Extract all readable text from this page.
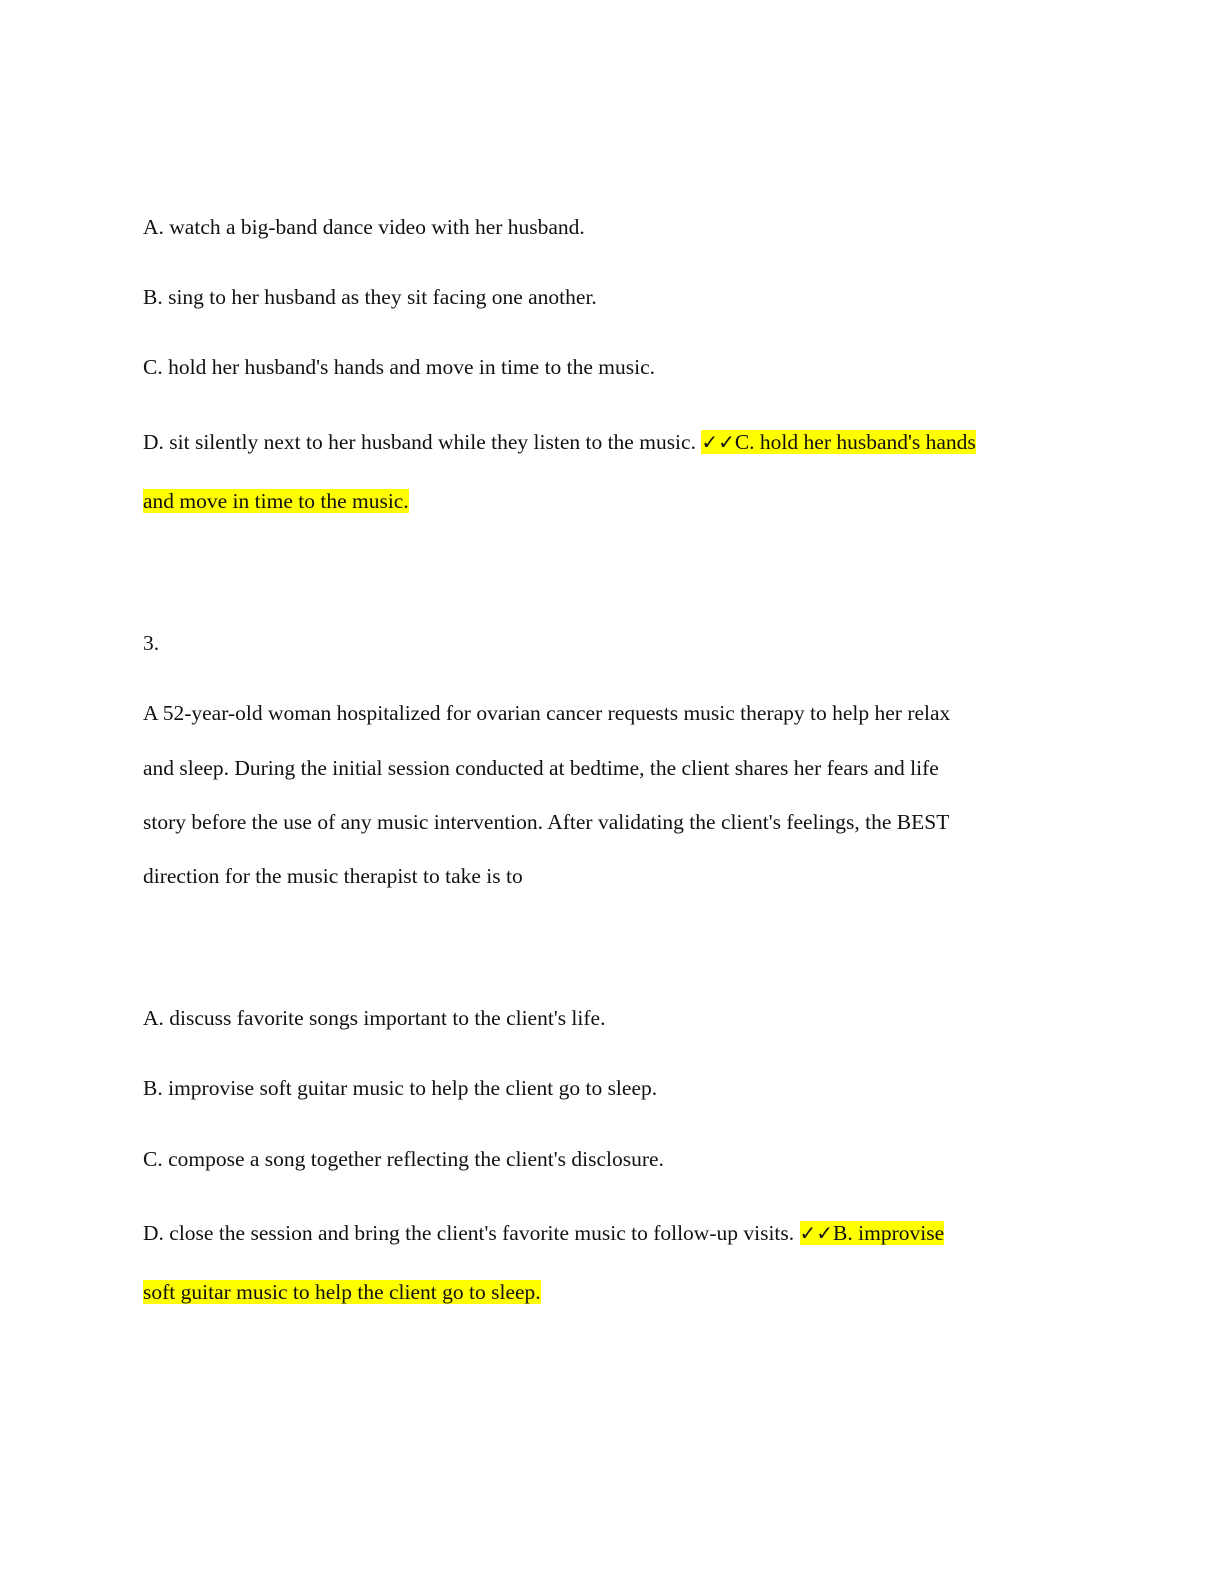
A. watch a big-band dance video with her husband.
B. sing to her husband as they sit facing one another.
C. hold her husband's hands and move in time to the music.
D. sit silently next to her husband while they listen to the music. ✓✓C. hold her husband's hands
and move in time to the music.
3.
A 52-year-old woman hospitalized for ovarian cancer requests music therapy to help her relax
and sleep. During the initial session conducted at bedtime, the client shares her fears and life
story before the use of any music intervention. After validating the client's feelings, the BEST
direction for the music therapist to take is to
A. discuss favorite songs important to the client's life.
B. improvise soft guitar music to help the client go to sleep.
C. compose a song together reflecting the client's disclosure.
D. close the session and bring the client's favorite music to follow-up visits. ✓✓B. improvise
soft guitar music to help the client go to sleep.
